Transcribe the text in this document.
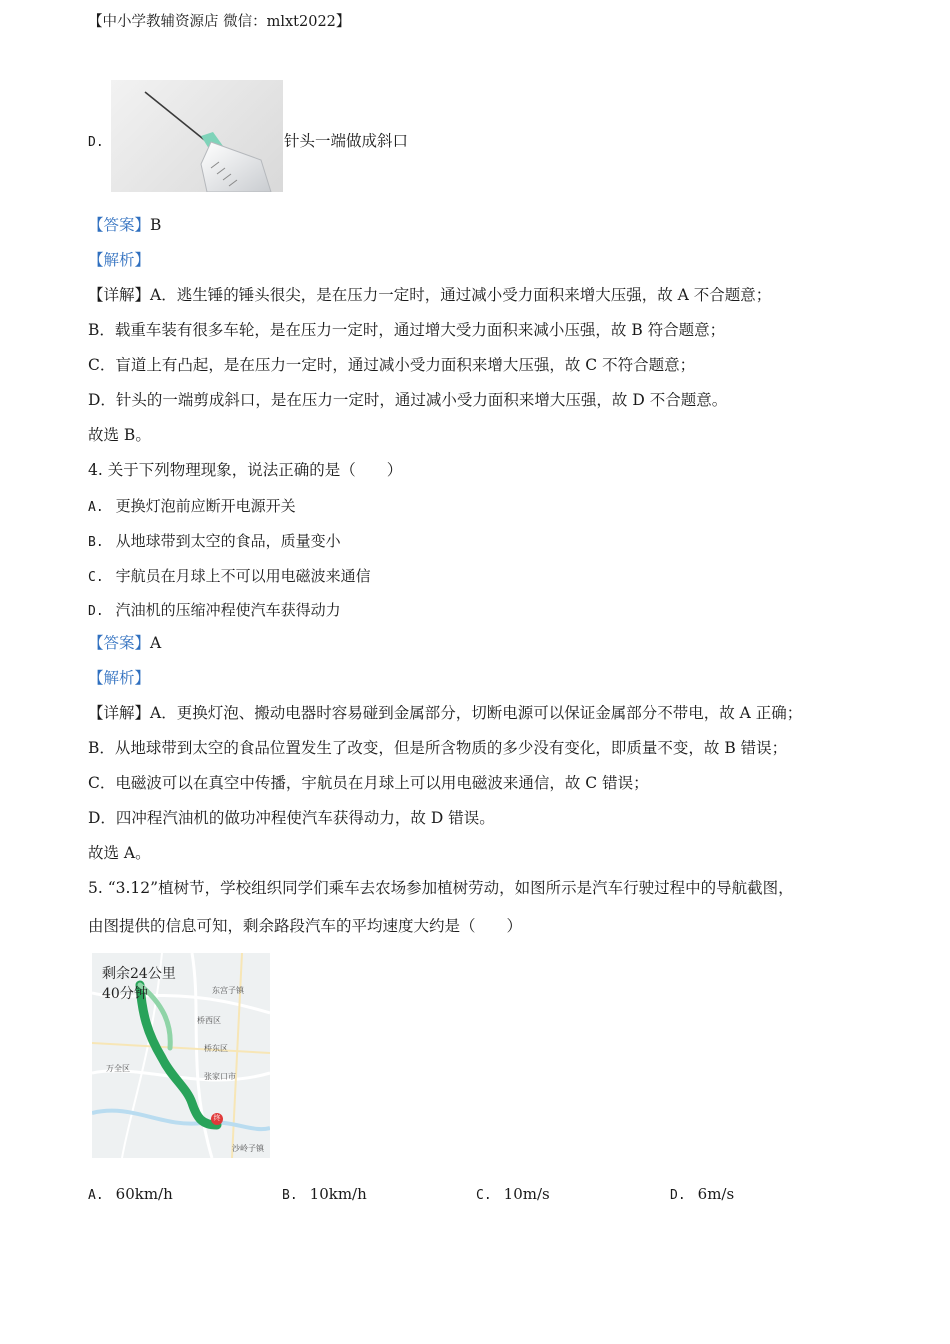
【中小学教辅资源店 微信：mlxt2022】
D.	针头一端做成斜口
【答案】B
【解析】
【详解】A．逃生锤的锤头很尖，是在压力一定时，通过减小受力面积来增大压强，故 A 不合题意；
B．载重车装有很多车轮，是在压力一定时，通过增大受力面积来减小压强，故 B 符合题意；
C．盲道上有凸起，是在压力一定时，通过减小受力面积来增大压强，故 C 不符合题意；
D．针头的一端剪成斜口，是在压力一定时，通过减小受力面积来增大压强，故 D 不合题意。
故选 B。
4. 关于下列物理现象，说法正确的是（　　）
A. 更换灯泡前应断开电源开关
B. 从地球带到太空的食品，质量变小
C. 宇航员在月球上不可以用电磁波来通信
D. 汽油机的压缩冲程使汽车获得动力
【答案】A
【解析】
【详解】A．更换灯泡、搬动电器时容易碰到金属部分，切断电源可以保证金属部分不带电，故 A 正确；
B．从地球带到太空的食品位置发生了改变，但是所含物质的多少没有变化，即质量不变，故 B 错误；
C．电磁波可以在真空中传播，宇航员在月球上可以用电磁波来通信，故 C 错误；
D．四冲程汽油机的做功冲程使汽车获得动力，故 D 错误。
故选 A。
5. “3.12”植树节，学校组织同学们乘车去农场参加植树劳动，如图所示是汽车行驶过程中的导航截图，
由图提供的信息可知，剩余路段汽车的平均速度大约是（　　）
剩余24公里
40分钟	东宫子镇
桥西区
桥东区
万全区
张家口市
沙岭子镇
终
A. 60km/h	B. 10km/h	C. 10m/s	D. 6m/s
